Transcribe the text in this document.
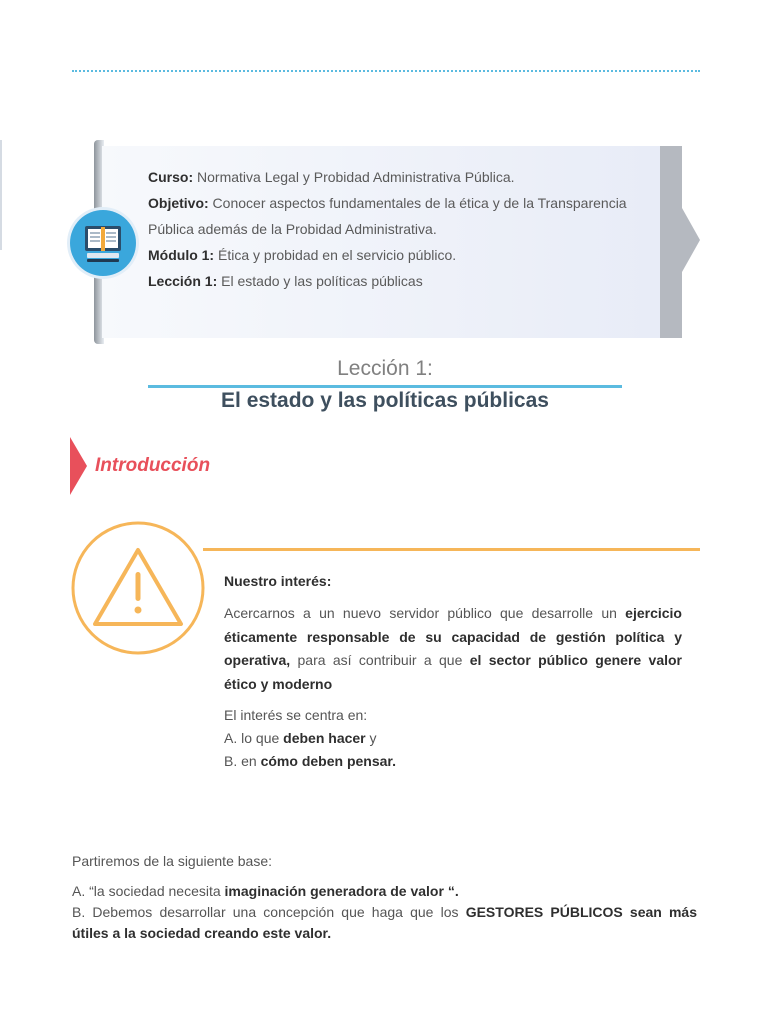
Curso: Normativa Legal y Probidad Administrativa Pública.
Objetivo: Conocer aspectos fundamentales de la ética y de la Transparencia Pública además de la Probidad Administrativa.
Módulo 1: Ética y probidad en el servicio público.
Lección 1: El estado y las políticas públicas
Lección 1:
El estado y las políticas públicas
Introducción

Nuestro interés:

Acercarnos a un nuevo servidor público que desarrolle un ejercicio éticamente responsable de su capacidad de gestión política y operativa, para así contribuir a que el sector público genere valor ético y moderno

El interés se centra en:

A. lo que deben hacer y

B. en cómo deben pensar.

Partiremos de la siguiente base:

A. “la sociedad necesita imaginación generadora de valor “.

B. Debemos desarrollar una concepción que haga que los GESTORES PÚBLICOS sean más útiles a la sociedad creando este valor.
